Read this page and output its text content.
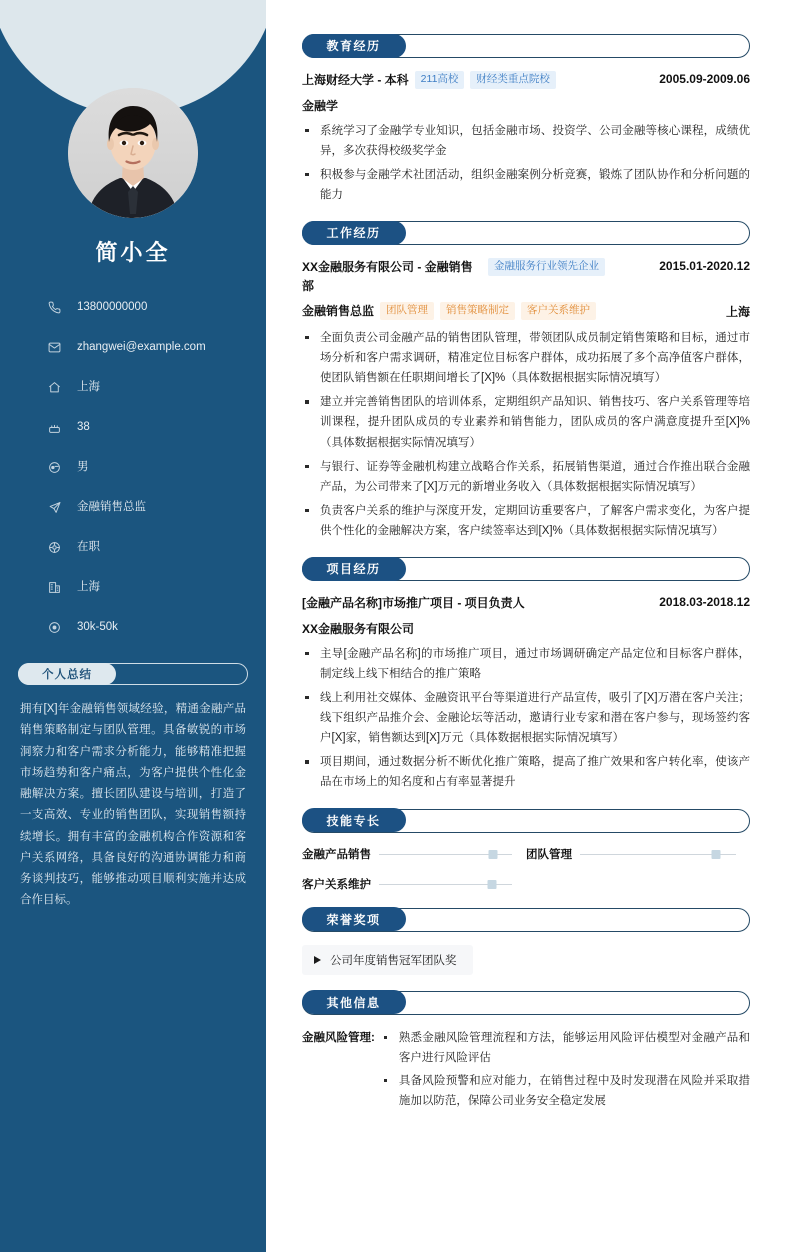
简小全
13800000000
zhangwei@example.com
上海
38
男
金融销售总监
在职
上海
30k-50k
个人总结

拥有[X]年金融销售领域经验，精通金融产品销售策略制定与团队管理。具备敏锐的市场洞察力和客户需求分析能力，能够精准把握市场趋势和客户痛点，为客户提供个性化金融解决方案。擅长团队建设与培训，打造了一支高效、专业的销售团队，实现销售额持续增长。拥有丰富的金融机构合作资源和客户关系网络，具备良好的沟通协调能力和商务谈判技巧，能够推动项目顺利实施并达成合作目标。

教育经历
上海财经大学 - 本科	211高校	财经类重点院校	2005.09-2009.06
金融学
系统学习了金融学专业知识，包括金融市场、投资学、公司金融等核心课程，成绩优异，多次获得校级奖学金
积极参与金融学术社团活动，组织金融案例分析竞赛，锻炼了团队协作和分析问题的能力
工作经历
XX金融服务有限公司 - 金融销售部
金融服务行业领先企业	2015.01-2020.12
金融销售总监	团队管理	销售策略制定	客户关系维护	上海
全面负责公司金融产品的销售团队管理，带领团队成员制定销售策略和目标，通过市场分析和客户需求调研，精准定位目标客户群体，成功拓展了多个高净值客户群体，使团队销售额在任职期间增长了[X]%（具体数据根据实际情况填写）
建立并完善销售团队的培训体系，定期组织产品知识、销售技巧、客户关系管理等培训课程，提升团队成员的专业素养和销售能力，团队成员的客户满意度提升至[X]%（具体数据根据实际情况填写）
与银行、证券等金融机构建立战略合作关系，拓展销售渠道，通过合作推出联合金融产品，为公司带来了[X]万元的新增业务收入（具体数据根据实际情况填写）
负责客户关系的维护与深度开发，定期回访重要客户，了解客户需求变化，为客户提供个性化的金融解决方案，客户续签率达到[X]%（具体数据根据实际情况填写）
项目经历
[金融产品名称]市场推广项目 - 项目负责人	2018.03-2018.12
XX金融服务有限公司
主导[金融产品名称]的市场推广项目，通过市场调研确定产品定位和目标客户群体，制定线上线下相结合的推广策略
线上利用社交媒体、金融资讯平台等渠道进行产品宣传，吸引了[X]万潜在客户关注；线下组织产品推介会、金融论坛等活动，邀请行业专家和潜在客户参与，现场签约客户[X]家，销售额达到[X]万元（具体数据根据实际情况填写）
项目期间，通过数据分析不断优化推广策略，提高了推广效果和客户转化率，使该产品在市场上的知名度和占有率显著提升
技能专长
金融产品销售	团队管理
客户关系维护
荣誉奖项
公司年度销售冠军团队奖
其他信息
金融风险管理:	熟悉金融风险管理流程和方法，能够运用风险评估模型对金融产品和客户进行风险评估
具备风险预警和应对能力，在销售过程中及时发现潜在风险并采取措施加以防范，保障公司业务安全稳定发展
